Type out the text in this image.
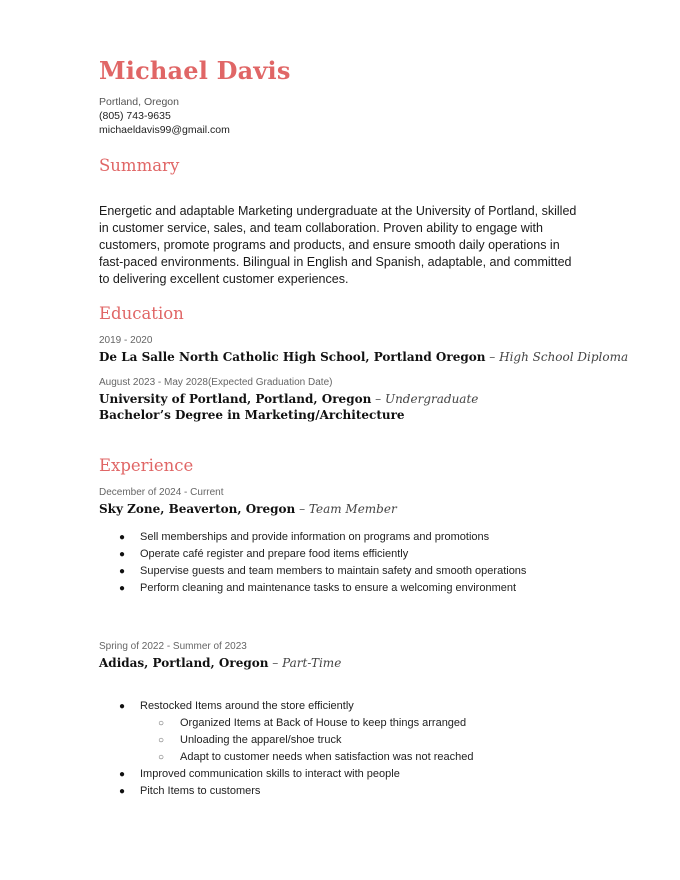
Michael Davis
Portland, Oregon
(805) 743-9635
michaeldavis99@gmail.com
Summary
Energetic and adaptable Marketing undergraduate at the University of Portland, skilled in customer service, sales, and team collaboration. Proven ability to engage with customers, promote programs and products, and ensure smooth daily operations in fast-paced environments. Bilingual in English and Spanish, adaptable, and committed to delivering excellent customer experiences.
Education
2019 - 2020
De La Salle North Catholic High School, Portland Oregon – High School Diploma
August 2023 - May 2028(Expected Graduation Date)
University of Portland, Portland, Oregon – Undergraduate
Bachelor’s Degree in Marketing/Architecture
Experience
December of 2024 - Current
Sky Zone, Beaverton, Oregon – Team Member
● Sell memberships and provide information on programs and promotions
● Operate café register and prepare food items efficiently
● Supervise guests and team members to maintain safety and smooth operations
● Perform cleaning and maintenance tasks to ensure a welcoming environment
Spring of 2022 - Summer of 2023
Adidas, Portland, Oregon – Part-Time
● Restocked Items around the store efficiently
○ Organized Items at Back of House to keep things arranged
○ Unloading the apparel/shoe truck
○ Adapt to customer needs when satisfaction was not reached
● Improved communication skills to interact with people
● Pitch Items to customers
